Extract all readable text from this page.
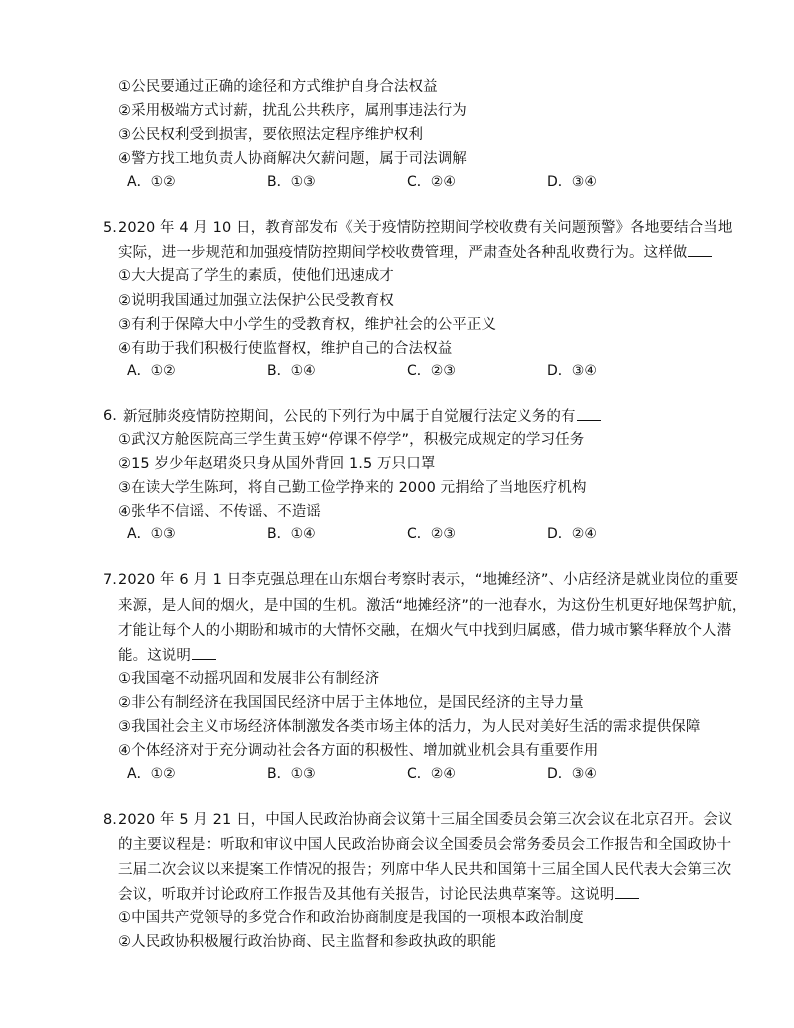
①公民要通过正确的途径和方式维护自身合法权益
②采用极端方式讨薪，扰乱公共秩序，属刑事违法行为
③公民权利受到损害，要依照法定程序维护权利
④警方找工地负责人协商解决欠薪问题，属于司法调解
A．①②	B．①③	C．②④	D．③④
5. 2020 年 4 月 10 日，教育部发布《关于疫情防控期间学校收费有关问题预警》各地要结合当地
实际，进一步规范和加强疫情防控期间学校收费管理，严肃查处各种乱收费行为。这样做
①大大提高了学生的素质，使他们迅速成才
②说明我国通过加强立法保护公民受教育权
③有利于保障大中小学生的受教育权，维护社会的公平正义
④有助于我们积极行使监督权，维护自己的合法权益
A．①②	B．①④	C．②③	D．③④
6. 新冠肺炎疫情防控期间，公民的下列行为中属于自觉履行法定义务的有
①武汉方舱医院高三学生黄玉婷“停课不停学”，积极完成规定的学习任务
②15 岁少年赵珺炎只身从国外背回 1.5 万只口罩
③在读大学生陈珂，将自己勤工俭学挣来的 2000 元捐给了当地医疗机构
④张华不信谣、不传谣、不造谣
A．①③	B．①④	C．②③	D．②④
7. 2020 年 6 月 1 日李克强总理在山东烟台考察时表示，“地摊经济”、小店经济是就业岗位的重要
来源，是人间的烟火，是中国的生机。激活“地摊经济”的一池春水，为这份生机更好地保驾护航，
才能让每个人的小期盼和城市的大情怀交融，在烟火气中找到归属感，借力城市繁华释放个人潜
能。这说明
①我国毫不动摇巩固和发展非公有制经济
②非公有制经济在我国国民经济中居于主体地位，是国民经济的主导力量
③我国社会主义市场经济体制激发各类市场主体的活力，为人民对美好生活的需求提供保障
④个体经济对于充分调动社会各方面的积极性、增加就业机会具有重要作用
A．①②	B．①③	C．②④	D．③④
8. 2020 年 5 月 21 日，中国人民政治协商会议第十三届全国委员会第三次会议在北京召开。会议
的主要议程是：听取和审议中国人民政治协商会议全国委员会常务委员会工作报告和全国政协十
三届二次会议以来提案工作情况的报告；列席中华人民共和国第十三届全国人民代表大会第三次
会议，听取并讨论政府工作报告及其他有关报告，讨论民法典草案等。这说明
①中国共产党领导的多党合作和政治协商制度是我国的一项根本政治制度
②人民政协积极履行政治协商、民主监督和参政执政的职能
